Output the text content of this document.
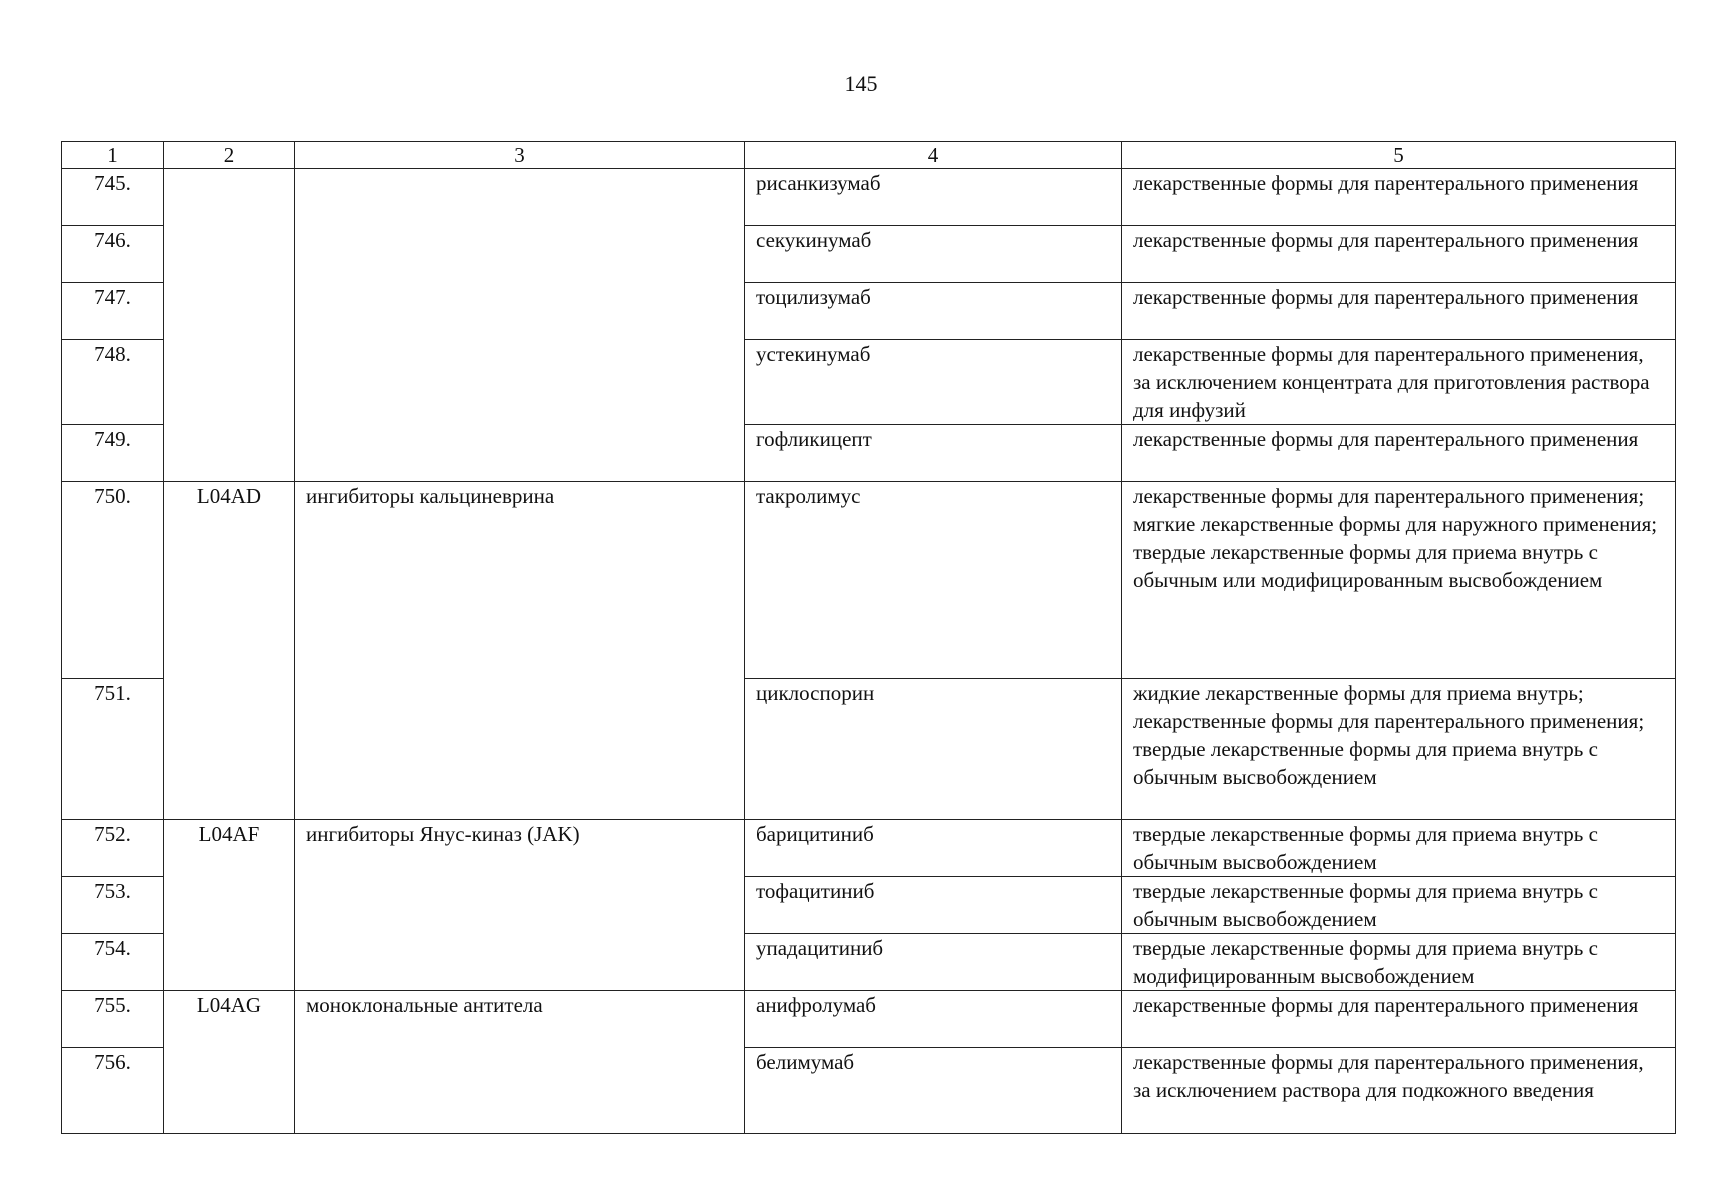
145
1	2	3	4	5
745.			рисанкизумаб	лекарственные формы для парентерального применения

746.			секукинумаб	лекарственные формы для парентерального применения

747.			тоцилизумаб	лекарственные формы для парентерального применения

748.			устекинумаб	лекарственные формы для парентерального применения, за исключением концентрата для приготовления раствора для инфузий

749.			гофликицепт	лекарственные формы для парентерального применения

750.	L04AD	ингибиторы кальциневрина	такролимус	лекарственные формы для парентерального применения;
мягкие лекарственные формы для наружного применения;
твердые лекарственные формы для приема внутрь с обычным или модифицированным высвобождением

751.			циклоспорин	жидкие лекарственные формы для приема внутрь;
лекарственные формы для парентерального применения;
твердые лекарственные формы для приема внутрь с обычным высвобождением

752.	L04AF	ингибиторы Янус-киназ (JAK)	барицитиниб	твердые лекарственные формы для приема внутрь с обычным высвобождением

753.			тофацитиниб	твердые лекарственные формы для приема внутрь с обычным высвобождением

754.			упадацитиниб	твердые лекарственные формы для приема внутрь с модифицированным высвобождением

755.	L04AG	моноклональные антитела	анифролумаб	лекарственные формы для парентерального применения

756.			белимумаб	лекарственные формы для парентерального применения, за исключением раствора для подкожного введения
